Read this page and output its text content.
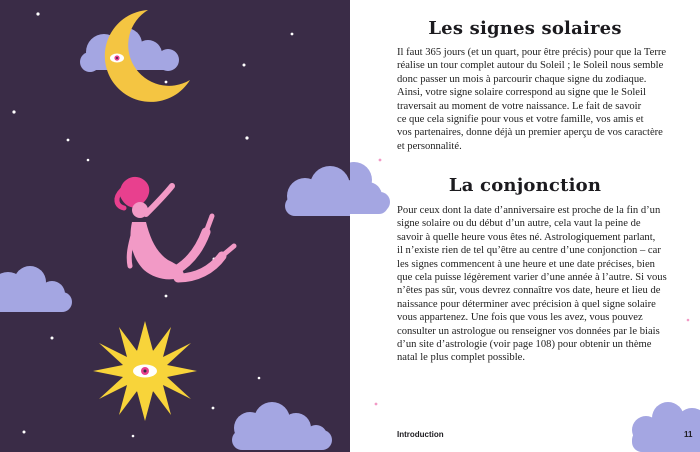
Les signes solaires

Il faut 365 jours (et un quart, pour être précis) pour que la Terre
réalise un tour complet autour du Soleil ; le Soleil nous semble
donc passer un mois à parcourir chaque signe du zodiaque.
Ainsi, votre signe solaire correspond au signe que le Soleil
traversait au moment de votre naissance. Le fait de savoir
ce que cela signifie pour vous et votre famille, vos amis et
vos partenaires, donne déjà un premier aperçu de vos caractère
et personnalité.

La conjonction

Pour ceux dont la date d’anniversaire est proche de la fin d’un
signe solaire ou du début d’un autre, cela vaut la peine de
savoir à quelle heure vous êtes né. Astrologiquement parlant,
il n’existe rien de tel qu’être au centre d’une conjonction – car
les signes commencent à une heure et une date précises, bien
que cela puisse légèrement varier d’une année à l’autre. Si vous
n’êtes pas sûr, vous devrez connaître vos date, heure et lieu de
naissance pour déterminer avec précision à quel signe solaire
vous appartenez. Une fois que vous les avez, vous pouvez
consulter un astrologue ou renseigner vos données par le biais
d’un site d’astrologie (voir page 108) pour obtenir un thème
natal le plus complet possible.

Introduction	11
